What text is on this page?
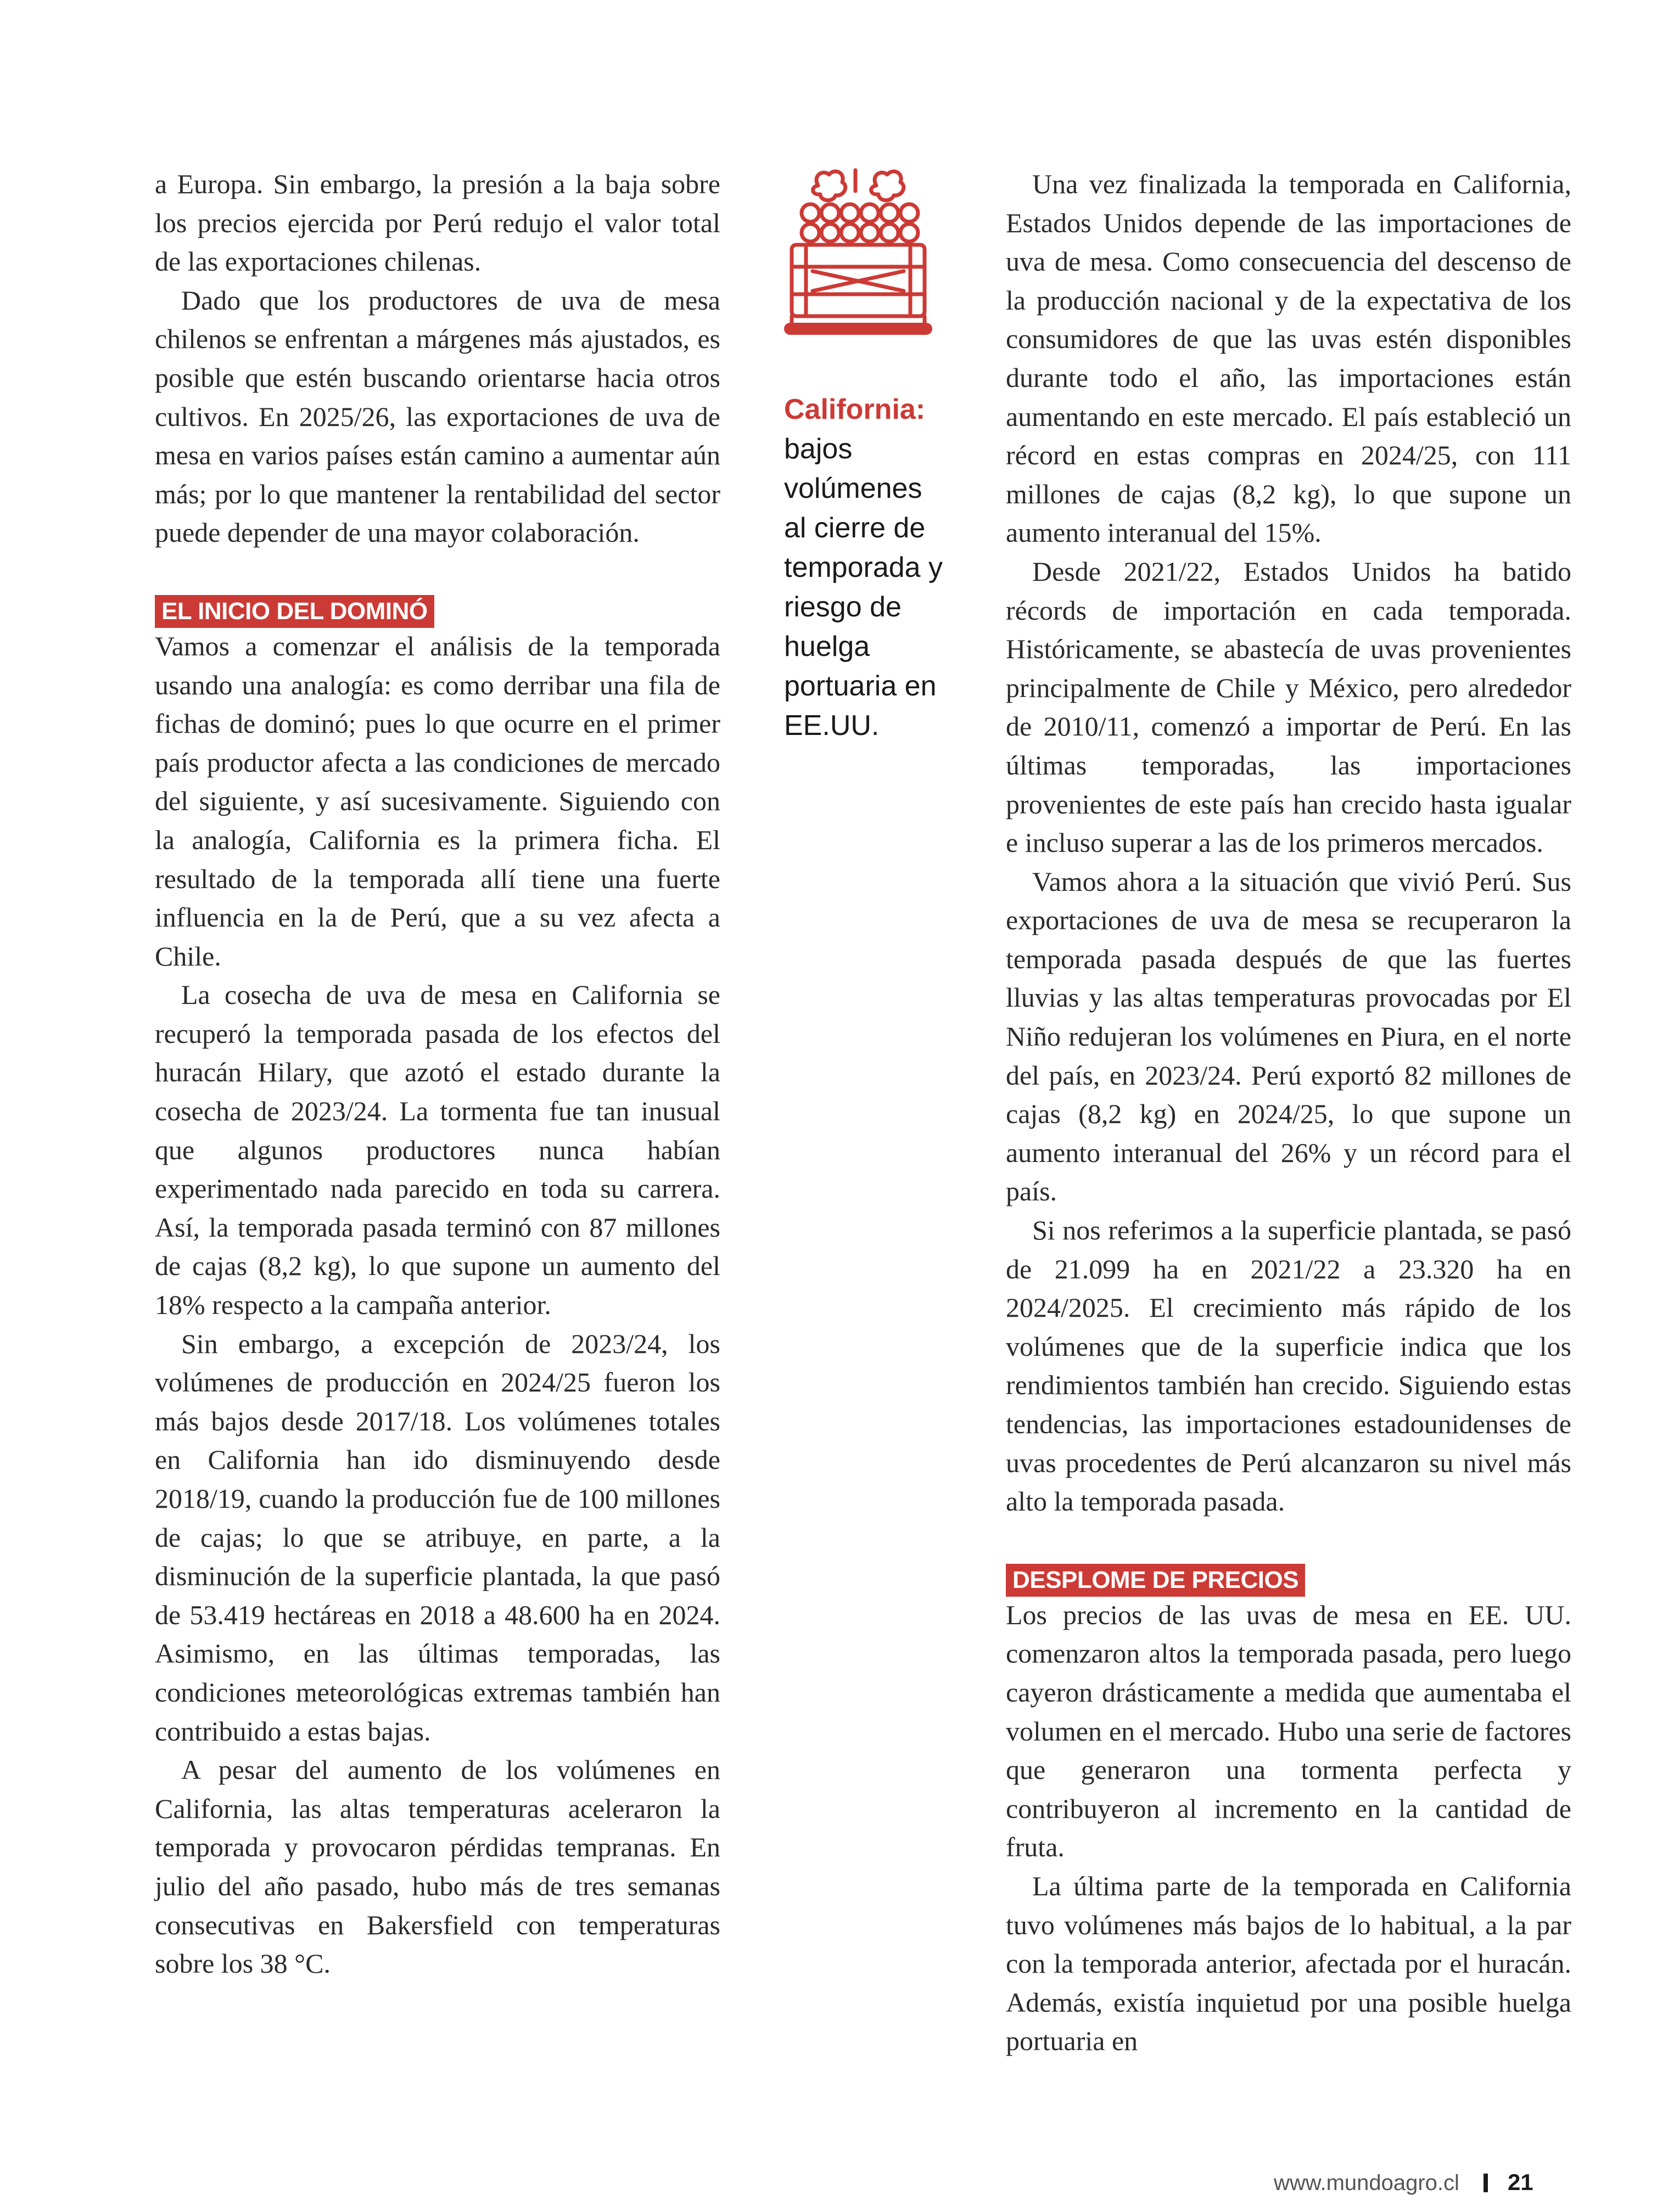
a Europa. Sin embargo, la presión a la baja sobre los precios ejercida por Perú redujo el valor total de las exportaciones chilenas.

Dado que los productores de uva de mesa chilenos se enfrentan a márgenes más ajustados, es posible que estén buscando orientarse hacia otros cultivos. En 2025/26, las exportaciones de uva de mesa en varios países están camino a aumentar aún más; por lo que mantener la rentabilidad del sector puede depender de una mayor colaboración.

EL INICIO DEL DOMINÓ

Vamos a comenzar el análisis de la temporada usando una analogía: es como derribar una fila de fichas de dominó; pues lo que ocurre en el primer país productor afecta a las condiciones de mercado del siguiente, y así sucesivamente. Siguiendo con la analogía, California es la primera ficha. El resultado de la temporada allí tiene una fuerte influencia en la de Perú, que a su vez afecta a Chile.

La cosecha de uva de mesa en California se recuperó la temporada pasada de los efectos del huracán Hilary, que azotó el estado durante la cosecha de 2023/24. La tormenta fue tan inusual que algunos productores nunca habían experimentado nada parecido en toda su carrera. Así, la temporada pasada terminó con 87 millones de cajas (8,2 kg), lo que supone un aumento del 18% respecto a la campaña anterior.

Sin embargo, a excepción de 2023/24, los volúmenes de producción en 2024/25 fueron los más bajos desde 2017/18. Los volúmenes totales en California han ido disminuyendo desde 2018/19, cuando la producción fue de 100 millones de cajas; lo que se atribuye, en parte, a la disminución de la superficie plantada, la que pasó de 53.419 hectáreas en 2018 a 48.600 ha en 2024. Asimismo, en las últimas temporadas, las condiciones meteorológicas extremas también han contribuido a estas bajas.

A pesar del aumento de los volúmenes en California, las altas temperaturas aceleraron la temporada y provocaron pérdidas tempranas. En julio del año pasado, hubo más de tres semanas consecutivas en Bakersfield con temperaturas sobre los 38 °C.

California:
bajos volúmenes al cierre de temporada y riesgo de huelga portuaria en EE.UU.

Una vez finalizada la temporada en California, Estados Unidos depende de las importaciones de uva de mesa. Como consecuencia del descenso de la producción nacional y de la expectativa de los consumidores de que las uvas estén disponibles durante todo el año, las importaciones están aumentando en este mercado. El país estableció un récord en estas compras en 2024/25, con 111 millones de cajas (8,2 kg), lo que supone un aumento interanual del 15%.

Desde 2021/22, Estados Unidos ha batido récords de importación en cada temporada. Históricamente, se abastecía de uvas provenientes principalmente de Chile y México, pero alrededor de 2010/11, comenzó a importar de Perú. En las últimas temporadas, las importaciones provenientes de este país han crecido hasta igualar e incluso superar a las de los primeros mercados.

Vamos ahora a la situación que vivió Perú. Sus exportaciones de uva de mesa se recuperaron la temporada pasada después de que las fuertes lluvias y las altas temperaturas provocadas por El Niño redujeran los volúmenes en Piura, en el norte del país, en 2023/24. Perú exportó 82 millones de cajas (8,2 kg) en 2024/25, lo que supone un aumento interanual del 26% y un récord para el país.

Si nos referimos a la superficie plantada, se pasó de 21.099 ha en 2021/22 a 23.320 ha en 2024/2025. El crecimiento más rápido de los volúmenes que de la superficie indica que los rendimientos también han crecido. Siguiendo estas tendencias, las importaciones estadounidenses de uvas procedentes de Perú alcanzaron su nivel más alto la temporada pasada.

DESPLOME DE PRECIOS

Los precios de las uvas de mesa en EE. UU. comenzaron altos la temporada pasada, pero luego cayeron drásticamente a medida que aumentaba el volumen en el mercado. Hubo una serie de factores que generaron una tormenta perfecta y contribuyeron al incremento en la cantidad de fruta.

La última parte de la temporada en California tuvo volúmenes más bajos de lo habitual, a la par con la temporada anterior, afectada por el huracán. Además, existía inquietud por una posible huelga portuaria en

www.mundoagro.cl 21
